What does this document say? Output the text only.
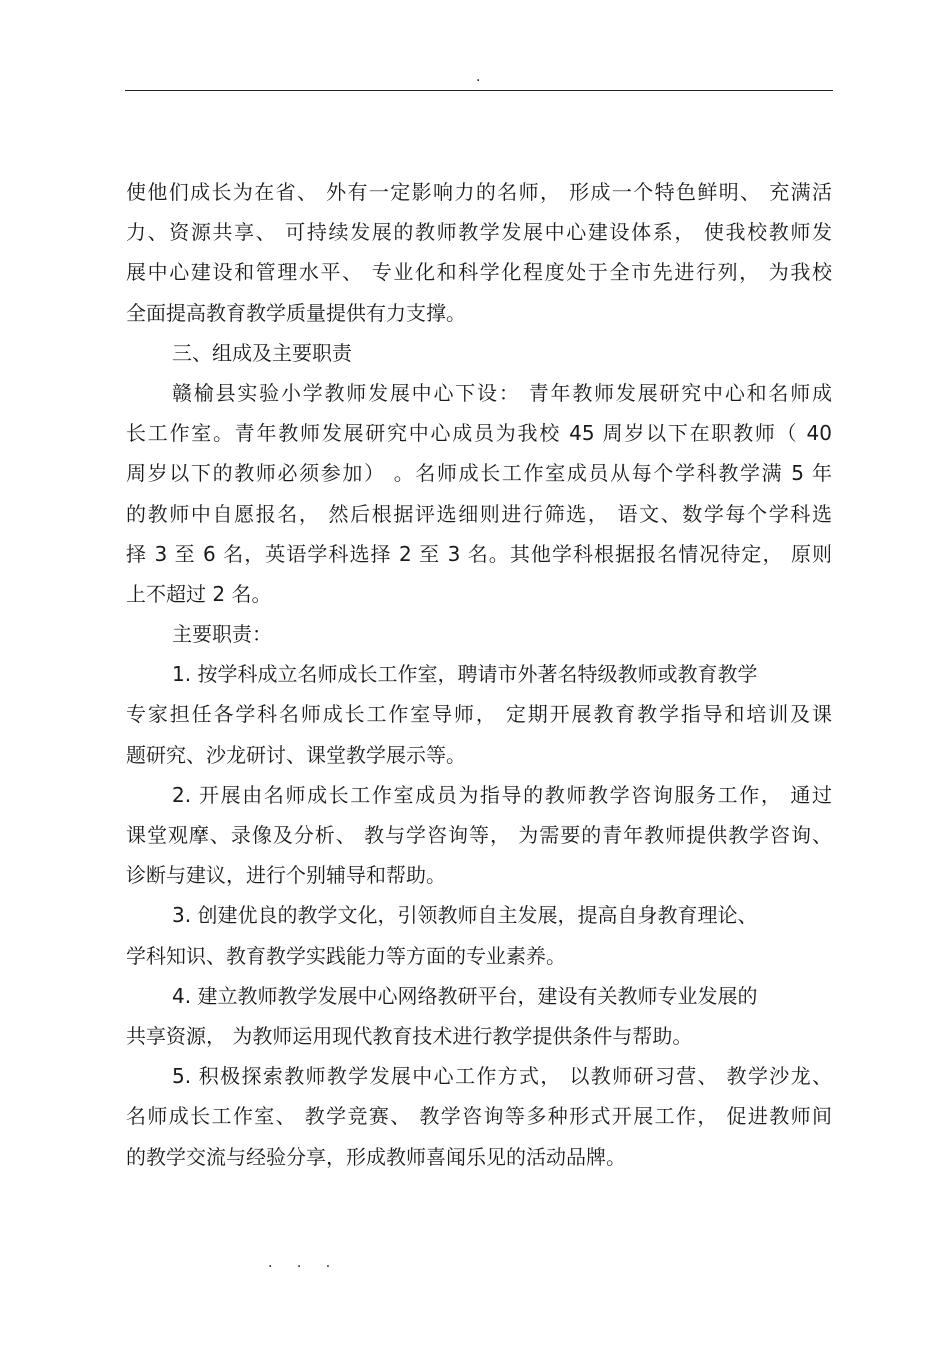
.
使他们成长为在省、 外有一定影响力的名师， 形成一个特色鲜明、 充满活
力、资源共享、 可持续发展的教师教学发展中心建设体系， 使我校教师发
展中心建设和管理水平、 专业化和科学化程度处于全市先进行列， 为我校
全面提高教育教学质量提供有力支撑。
三、组成及主要职责
赣榆县实验小学教师发展中心下设： 青年教师发展研究中心和名师成
长工作室。青年教师发展研究中心成员为我校 45 周岁以下在职教师（ 40
周岁以下的教师必须参加） 。名师成长工作室成员从每个学科教学满 5 年
的教师中自愿报名， 然后根据评选细则进行筛选， 语文、数学每个学科选
择 3 至 6 名，英语学科选择 2 至 3 名。其他学科根据报名情况待定， 原则
上不超过 2 名。
主要职责：
1. 按学科成立名师成长工作室，聘请市外著名特级教师或教育教学
专家担任各学科名师成长工作室导师， 定期开展教育教学指导和培训及课
题研究、沙龙研讨、课堂教学展示等。
2. 开展由名师成长工作室成员为指导的教师教学咨询服务工作， 通过
课堂观摩、录像及分析、 教与学咨询等， 为需要的青年教师提供教学咨询、
诊断与建议，进行个别辅导和帮助。
3. 创建优良的教学文化，引领教师自主发展，提高自身教育理论、
学科知识、教育教学实践能力等方面的专业素养。
4. 建立教师教学发展中心网络教研平台，建设有关教师专业发展的
共享资源， 为教师运用现代教育技术进行教学提供条件与帮助。
5. 积极探索教师教学发展中心工作方式， 以教师研习营、 教学沙龙、
名师成长工作室、 教学竞赛、 教学咨询等多种形式开展工作， 促进教师间
的教学交流与经验分享，形成教师喜闻乐见的活动品牌。
. . .
